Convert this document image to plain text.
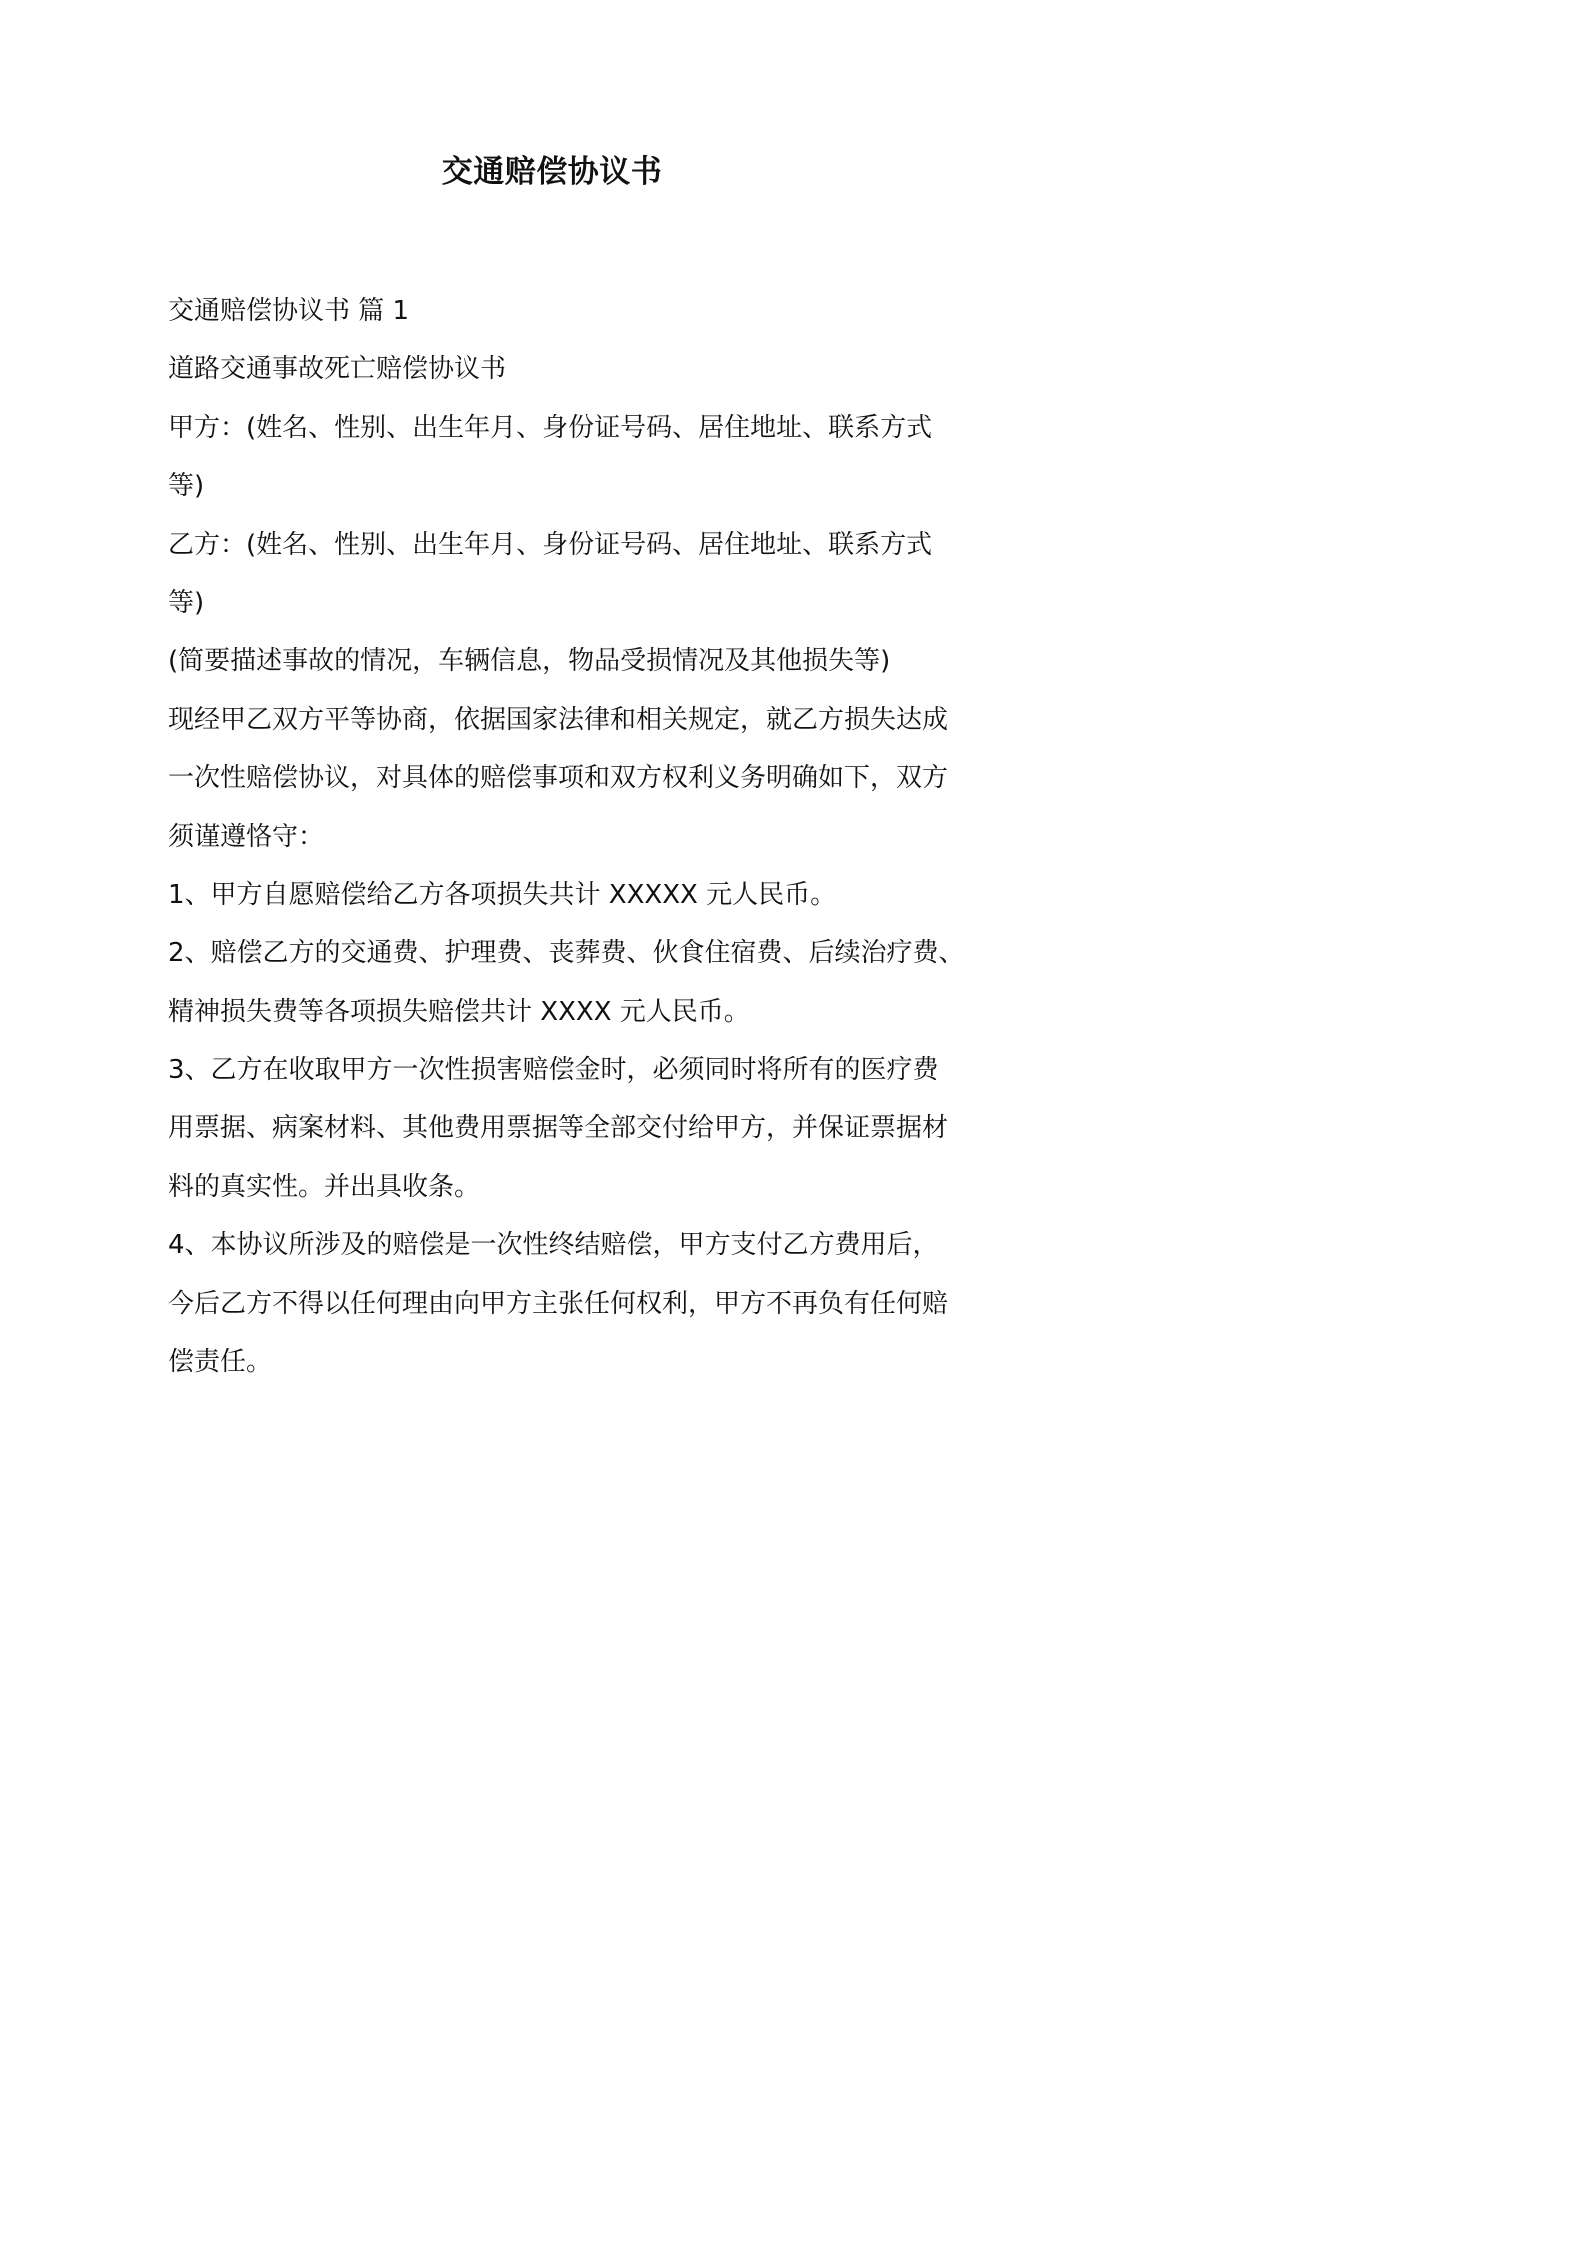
交通赔偿协议书
交通赔偿协议书 篇 1
道路交通事故死亡赔偿协议书
甲方：(姓名、性别、出生年月、身份证号码、居住地址、联系方式
等)
乙方：(姓名、性别、出生年月、身份证号码、居住地址、联系方式
等)
(简要描述事故的情况，车辆信息，物品受损情况及其他损失等)
现经甲乙双方平等协商，依据国家法律和相关规定，就乙方损失达成
一次性赔偿协议，对具体的赔偿事项和双方权利义务明确如下，双方
须谨遵恪守：
1、甲方自愿赔偿给乙方各项损失共计 XXXXX 元人民币。
2、赔偿乙方的交通费、护理费、丧葬费、伙食住宿费、后续治疗费、
精神损失费等各项损失赔偿共计 XXXX 元人民币。
3、乙方在收取甲方一次性损害赔偿金时，必须同时将所有的医疗费
用票据、病案材料、其他费用票据等全部交付给甲方，并保证票据材
料的真实性。并出具收条。
4、本协议所涉及的赔偿是一次性终结赔偿，甲方支付乙方费用后，
今后乙方不得以任何理由向甲方主张任何权利，甲方不再负有任何赔
偿责任。
